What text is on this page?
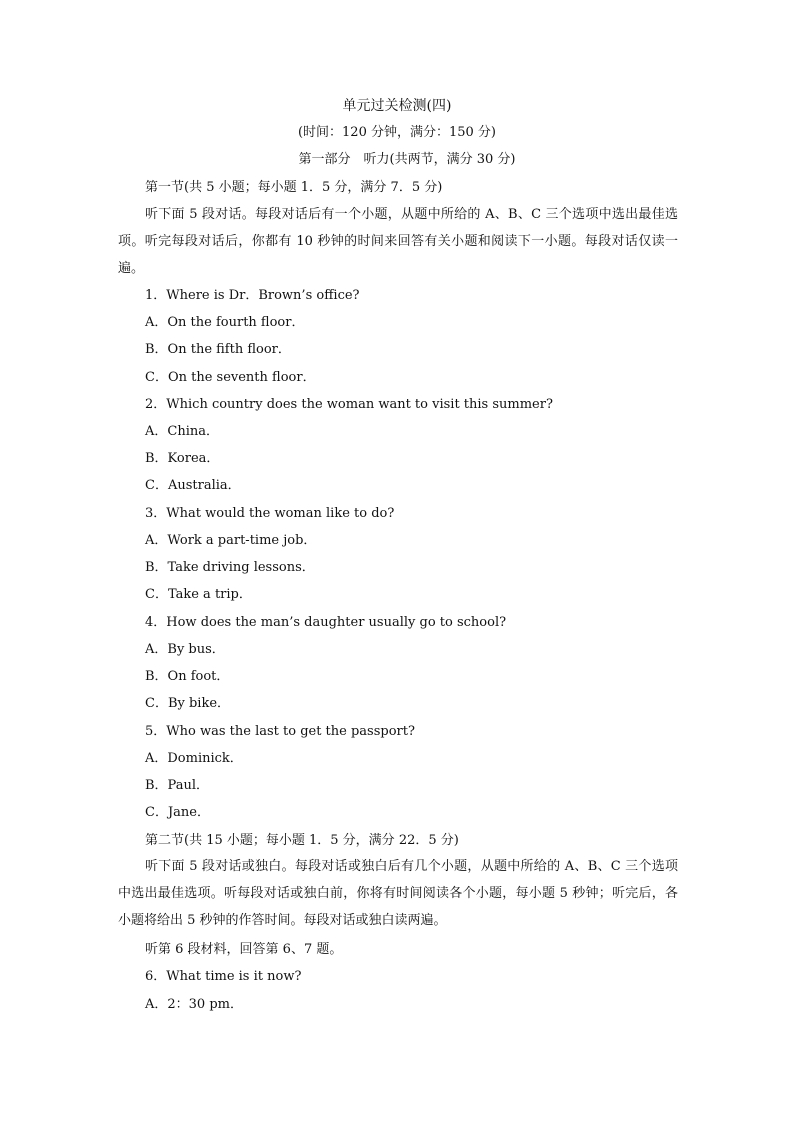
单元过关检测(四)
(时间：120 分钟，满分：150 分)
第一部分　听力(共两节，满分 30 分)
第一节(共 5 小题；每小题 1．5 分，满分 7．5 分)
听下面 5 段对话。每段对话后有一个小题，从题中所给的 A、B、C 三个选项中选出最佳选项。听完每段对话后，你都有 10 秒钟的时间来回答有关小题和阅读下一小题。每段对话仅读一遍。
1．Where is Dr．Brown’s office?
A．On the fourth floor．
B．On the fifth floor．
C．On the seventh floor．
2．Which country does the woman want to visit this summer?
A．China．
B．Korea．
C．Australia．
3．What would the woman like to do?
A．Work a part-time job．
B．Take driving lessons．
C．Take a trip．
4．How does the man’s daughter usually go to school?
A．By bus．
B．On foot．
C．By bike．
5．Who was the last to get the passport?
A．Dominick．
B．Paul．
C．Jane．
第二节(共 15 小题；每小题 1．5 分，满分 22．5 分)
听下面 5 段对话或独白。每段对话或独白后有几个小题，从题中所给的 A、B、C 三个选项中选出最佳选项。听每段对话或独白前，你将有时间阅读各个小题，每小题 5 秒钟；听完后，各小题将给出 5 秒钟的作答时间。每段对话或独白读两遍。
听第 6 段材料，回答第 6、7 题。
6．What time is it now?
A．2：30 pm．
